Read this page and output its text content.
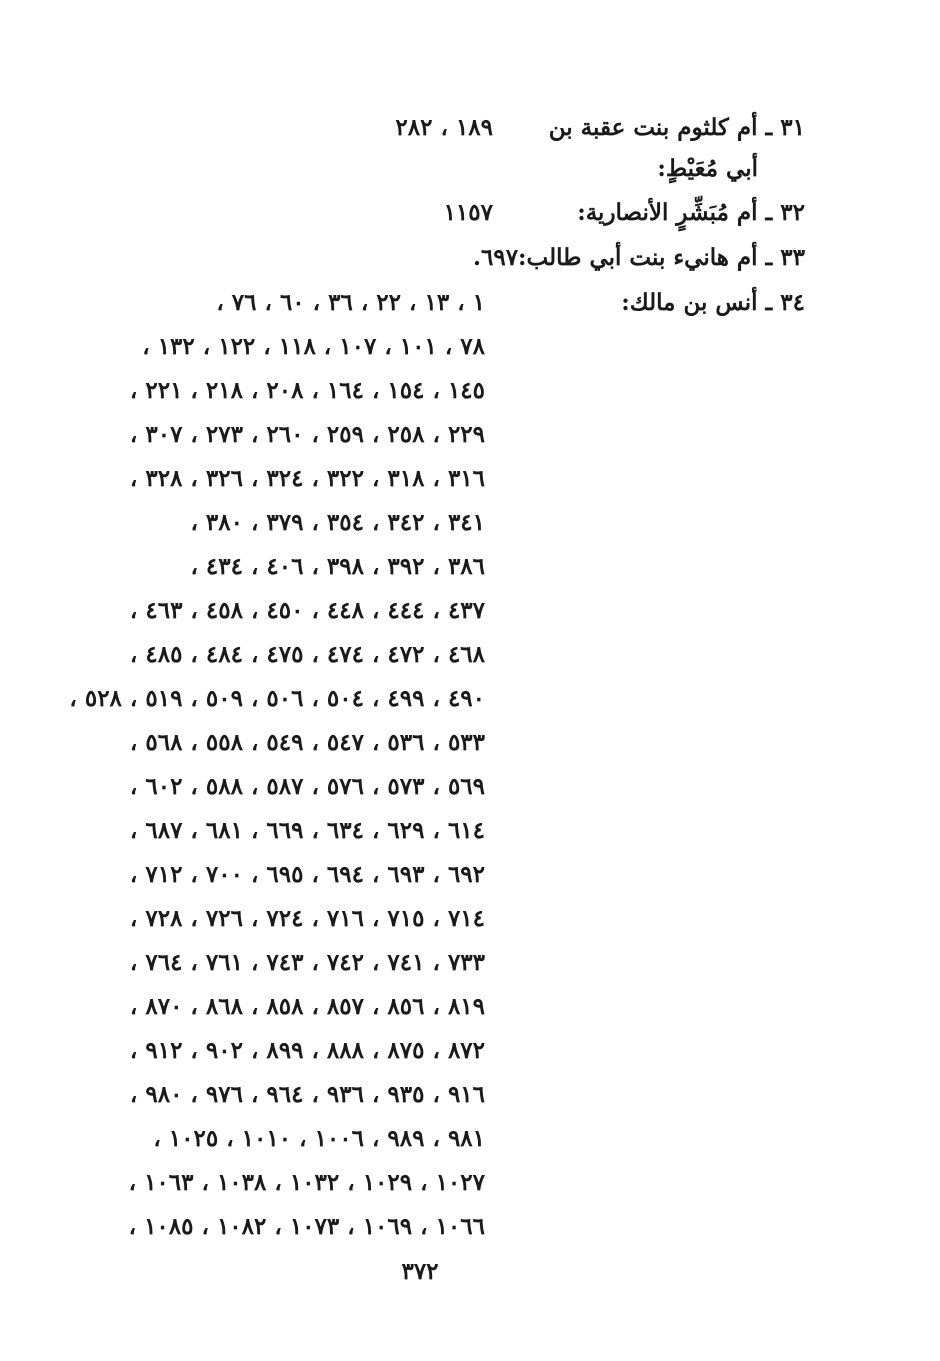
٣١ ـ أم كلثوم بنت عقبة بن
١٨٩ ، ٢٨٢
أبي مُعَيْطٍ:
٣٢ ـ أم مُبَشِّرٍ الأنصارية:
١١٥٧
٣٣ ـ أم هانيء بنت أبي طالب:٦٩٧.
٣٤ ـ أنس بن مالك:
١ ، ١٣ ، ٢٢ ، ٣٦ ، ٦٠ ، ٧٦ ،
٧٨ ، ١٠١ ، ١٠٧ ، ١١٨ ، ١٢٢ ، ١٣٢ ،
١٤٥ ، ١٥٤ ، ١٦٤ ، ٢٠٨ ، ٢١٨ ، ٢٢١ ،
٢٢٩ ، ٢٥٨ ، ٢٥٩ ، ٢٦٠ ، ٢٧٣ ، ٣٠٧ ،
٣١٦ ، ٣١٨ ، ٣٢٢ ، ٣٢٤ ، ٣٢٦ ، ٣٢٨ ،
٣٤١ ، ٣٤٢ ، ٣٥٤ ، ٣٧٩ ، ٣٨٠ ،
٣٨٦ ، ٣٩٢ ، ٣٩٨ ، ٤٠٦ ، ٤٣٤ ،
٤٣٧ ، ٤٤٤ ، ٤٤٨ ، ٤٥٠ ، ٤٥٨ ، ٤٦٣ ،
٤٦٨ ، ٤٧٢ ، ٤٧٤ ، ٤٧٥ ، ٤٨٤ ، ٤٨٥ ،
٤٩٠ ، ٤٩٩ ، ٥٠٤ ، ٥٠٦ ، ٥٠٩ ، ٥١٩ ، ٥٢٨ ،
٥٣٣ ، ٥٣٦ ، ٥٤٧ ، ٥٤٩ ، ٥٥٨ ، ٥٦٨ ،
٥٦٩ ، ٥٧٣ ، ٥٧٦ ، ٥٨٧ ، ٥٨٨ ، ٦٠٢ ،
٦١٤ ، ٦٢٩ ، ٦٣٤ ، ٦٦٩ ، ٦٨١ ، ٦٨٧ ،
٦٩٢ ، ٦٩٣ ، ٦٩٤ ، ٦٩٥ ، ٧٠٠ ، ٧١٢ ،
٧١٤ ، ٧١٥ ، ٧١٦ ، ٧٢٤ ، ٧٢٦ ، ٧٢٨ ،
٧٣٣ ، ٧٤١ ، ٧٤٢ ، ٧٤٣ ، ٧٦١ ، ٧٦٤ ،
٨١٩ ، ٨٥٦ ، ٨٥٧ ، ٨٥٨ ، ٨٦٨ ، ٨٧٠ ،
٨٧٢ ، ٨٧٥ ، ٨٨٨ ، ٨٩٩ ، ٩٠٢ ، ٩١٢ ،
٩١٦ ، ٩٣٥ ، ٩٣٦ ، ٩٦٤ ، ٩٧٦ ، ٩٨٠ ،
٩٨١ ، ٩٨٩ ، ١٠٠٦ ، ١٠١٠ ، ١٠٢٥ ،
١٠٢٧ ، ١٠٢٩ ، ١٠٣٢ ، ١٠٣٨ ، ١٠٦٣ ،
١٠٦٦ ، ١٠٦٩ ، ١٠٧٣ ، ١٠٨٢ ، ١٠٨٥ ،
٣٧٢
